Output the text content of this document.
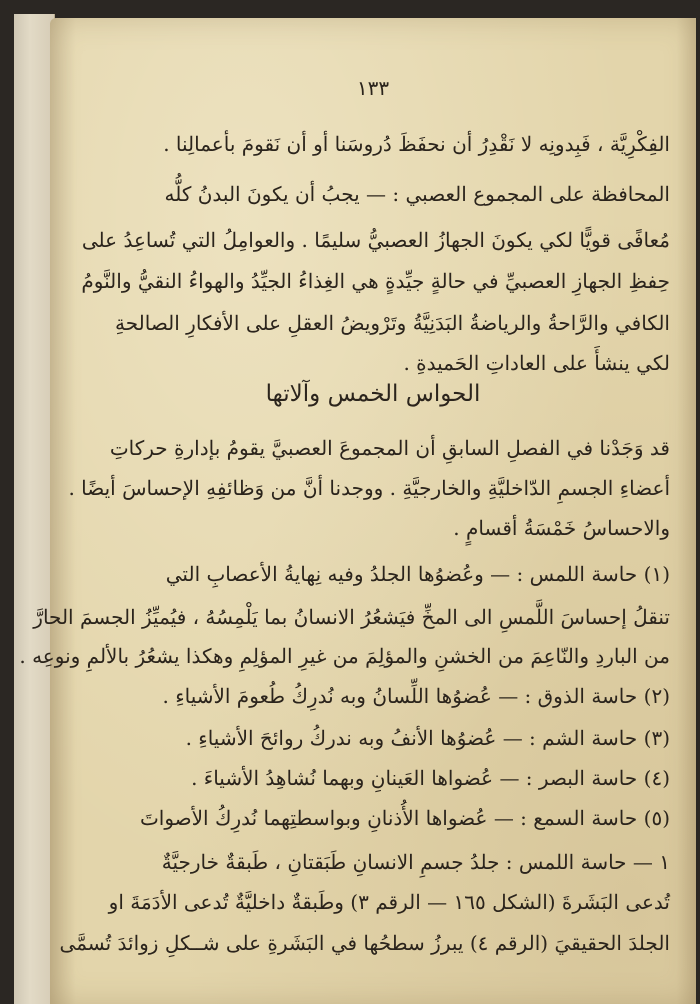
١٣٣
الفِكْرِيَّة ، فَبِدونِه لا نَقْدِرُ أن نحفَظَ دُروسَنا أو أن نَقومَ بأعمالِنا .
المحافظة على المجموع العصبي : — يجبُ أن يكونَ البدنُ كلُّه
مُعافًى قويًّا لكي يكونَ الجهازُ العصبيُّ سليمًا . والعوامِلُ التي تُساعِدُ على
حِفظِ الجهازِ العصبيِّ في حالةٍ جيِّدةٍ هي الغِذاءُ الجيِّدُ والهواءُ النقيُّ والنَّومُ
الكافي والرَّاحةُ والرياضةُ البَدَنِيَّةُ وتَرْويضُ العقلِ على الأفكارِ الصالحةِ
لكي ينشأَ على العاداتِ الحَميدةِ .
الحواس الخمس وآلاتها
قد وَجَدْنا في الفصلِ السابقِ أن المجموعَ العصبيَّ يقومُ بإدارةِ حركاتِ
أعضاءِ الجسمِ الدّاخليَّةِ والخارجيَّةِ . ووجدنا أنَّ من وَظائفِهِ الإحساسَ أيضًا .
والاحساسُ خَمْسَةُ أقسامٍ .
(١) حاسة اللمس : — وعُضوُها الجلدُ وفيه نِهايةُ الأعصابِ التي
تنقلُ إحساسَ اللَّمسِ الى المخِّ فيَشعُرُ الانسانُ بما يَلْمِسُهُ ، فيُميِّزُ الجسمَ الحارَّ
من الباردِ والنّاعِمَ من الخشنِ والمؤلِمَ من غيرِ المؤلِمِ وهكذا يشعُرُ بالألمِ ونوعِه .
(٢) حاسة الذوق : — عُضوُها اللِّسانُ وبه نُدرِكُ طُعومَ الأشياءِ .
(٣) حاسة الشم : — عُضوُها الأنفُ وبه ندركُ روائحَ الأشياءِ .
(٤) حاسة البصر : — عُضواها العَينانِ وبهما نُشاهِدُ الأشياءَ .
(٥) حاسة السمع : — عُضواها الأُذنانِ وبواسطتِهما نُدرِكُ الأصواتَ
١ — حاسة اللمس : جلدُ جسمِ الانسانِ طَبَقتانِ ، طَبقةٌ خارجيَّةٌ
تُدعى البَشَرةَ (الشكل ١٦٥ — الرقم ٣) وطَبقةٌ داخليَّةٌ تُدعى الأدَمَةَ او
الجلدَ الحقيقيَ (الرقم ٤) يبرزُ سطحُها في البَشَرةِ على شــكلِ زوائدَ تُسمَّى
